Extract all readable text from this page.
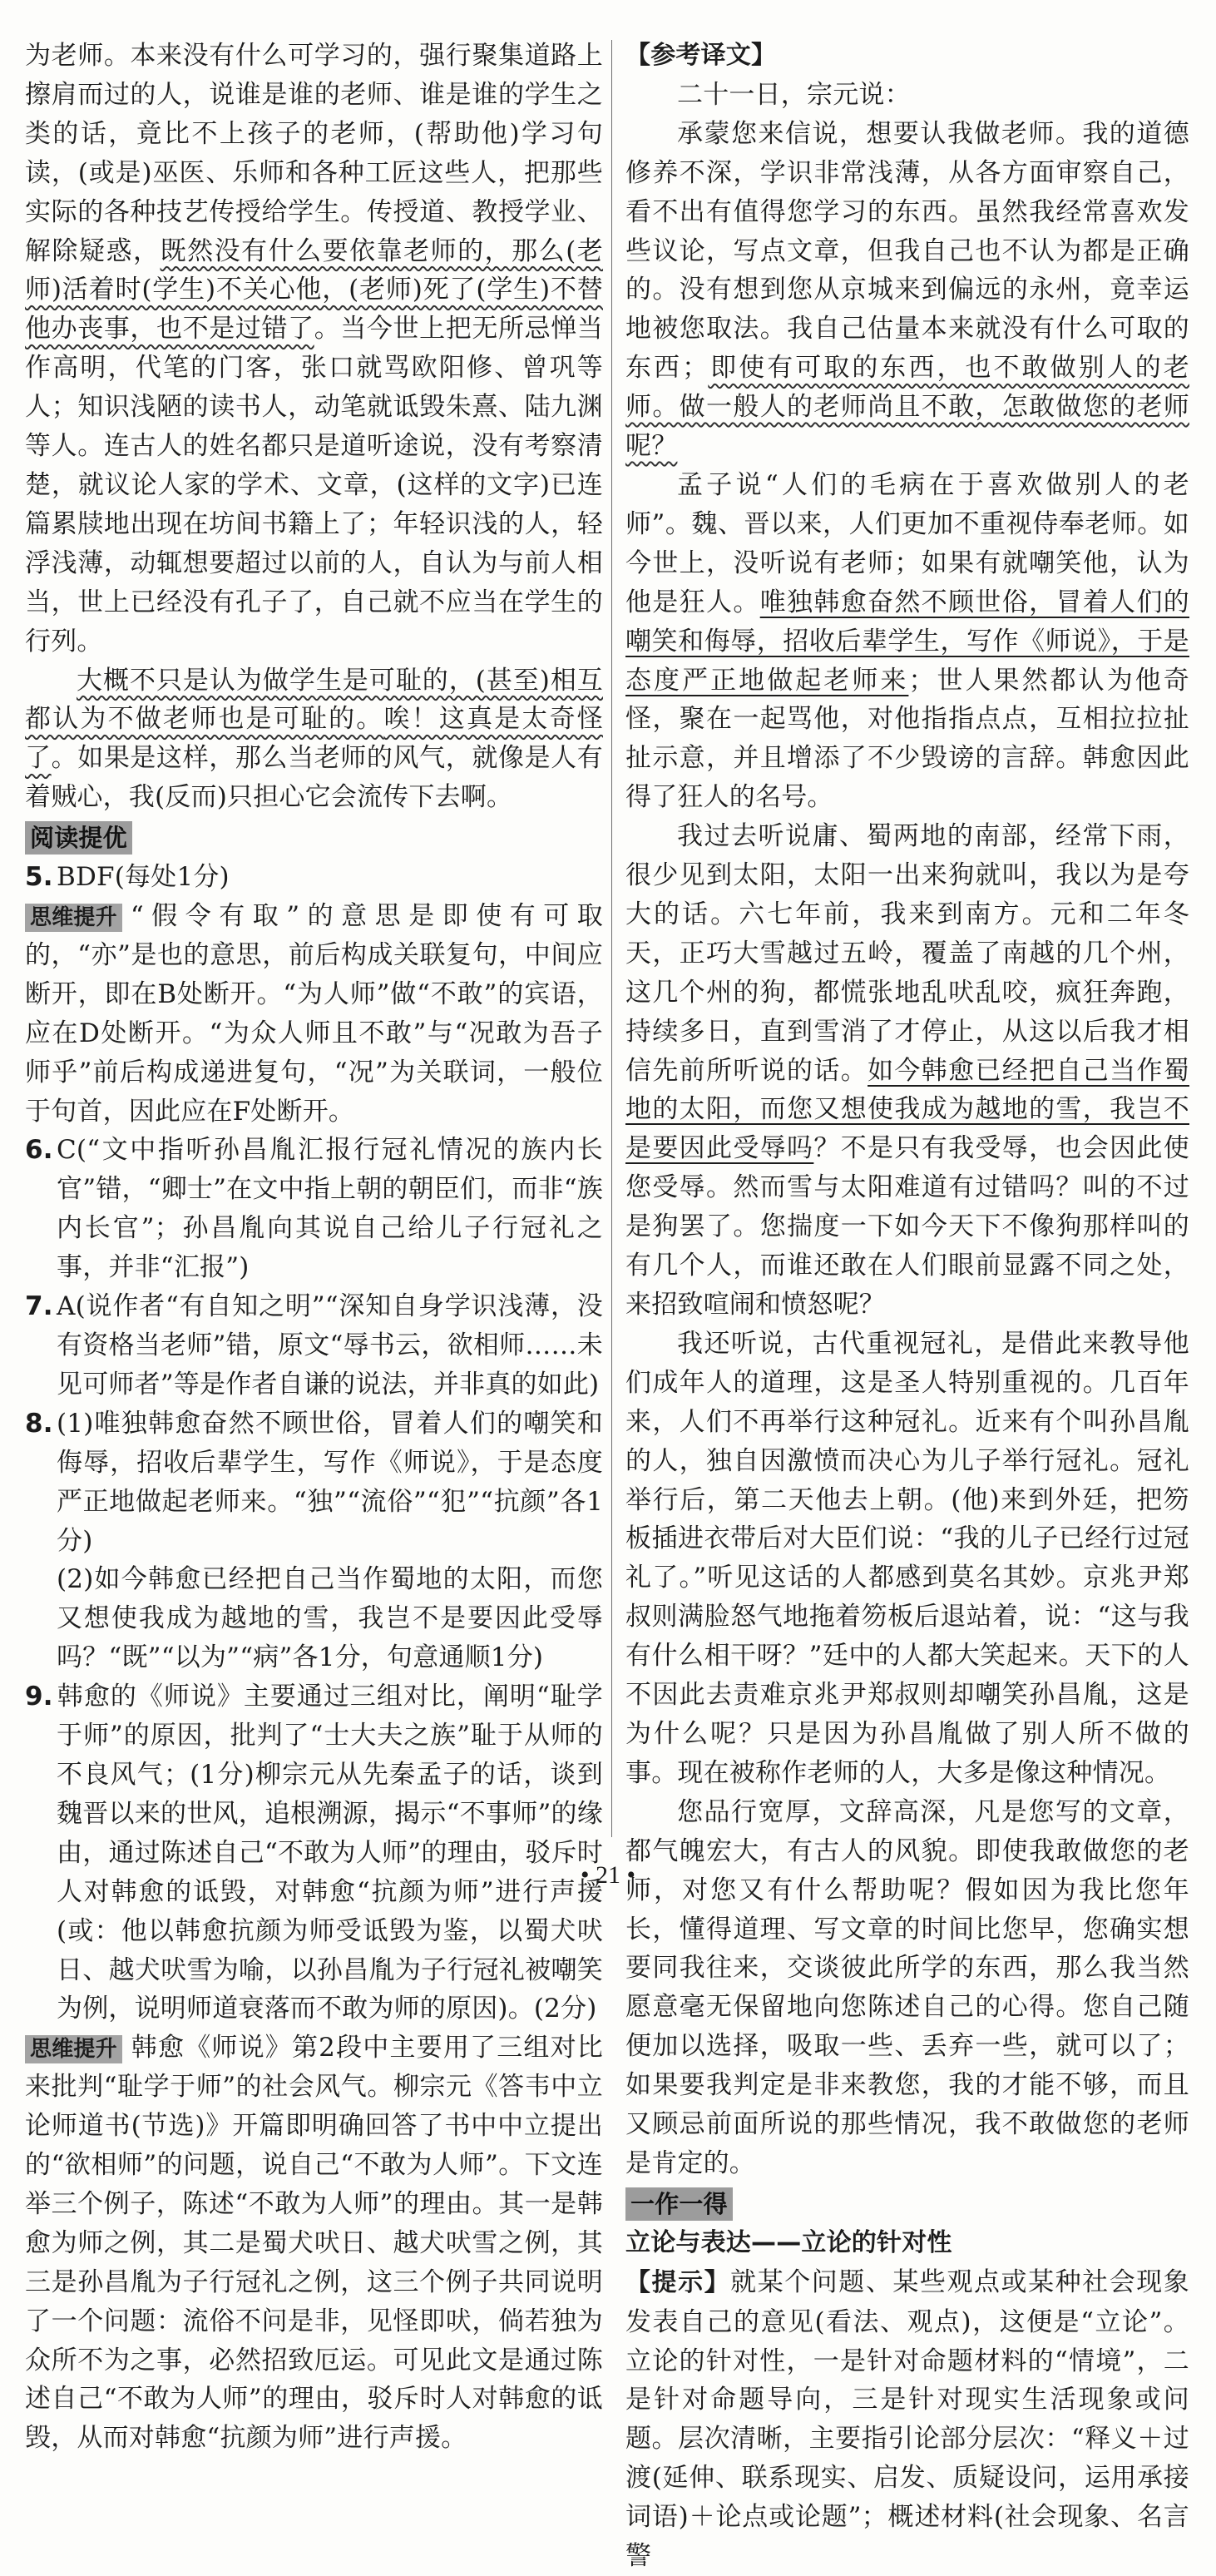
为老师。本来没有什么可学习的，强行聚集道路上擦肩而过的人，说谁是谁的老师、谁是谁的学生之类的话，竟比不上孩子的老师，(帮助他)学习句读，(或是)巫医、乐师和各种工匠这些人，把那些实际的各种技艺传授给学生。传授道、教授学业、解除疑惑，既然没有什么要依靠老师的，那么(老师)活着时(学生)不关心他，(老师)死了(学生)不替他办丧事，也不是过错了。当今世上把无所忌惮当作高明，代笔的门客，张口就骂欧阳修、曾巩等人；知识浅陋的读书人，动笔就诋毁朱熹、陆九渊等人。连古人的姓名都只是道听途说，没有考察清楚，就议论人家的学术、文章，(这样的文字)已连篇累牍地出现在坊间书籍上了；年轻识浅的人，轻浮浅薄，动辄想要超过以前的人，自认为与前人相当，世上已经没有孔子了，自己就不应当在学生的行列。

大概不只是认为做学生是可耻的，(甚至)相互都认为不做老师也是可耻的。唉！这真是太奇怪了。如果是这样，那么当老师的风气，就像是人有着贼心，我(反而)只担心它会流传下去啊。

阅读提优

5. BDF(每处1分)

思维提升 “假令有取”的意思是即使有可取的，“亦”是也的意思，前后构成关联复句，中间应断开，即在B处断开。“为人师”做“不敢”的宾语，应在D处断开。“为众人师且不敢”与“况敢为吾子师乎”前后构成递进复句，“况”为关联词，一般位于句首，因此应在F处断开。

6. C(“文中指听孙昌胤汇报行冠礼情况的族内长官”错，“卿士”在文中指上朝的朝臣们，而非“族内长官”；孙昌胤向其说自己给儿子行冠礼之事，并非“汇报”)

7. A(说作者“有自知之明”“深知自身学识浅薄，没有资格当老师”错，原文“辱书云，欲相师……未见可师者”等是作者自谦的说法，并非真的如此)

8. (1)唯独韩愈奋然不顾世俗，冒着人们的嘲笑和侮辱，招收后辈学生，写作《师说》，于是态度严正地做起老师来。“独”“流俗”“犯”“抗颜”各1分)

(2)如今韩愈已经把自己当作蜀地的太阳，而您又想使我成为越地的雪，我岂不是要因此受辱吗？“既”“以为”“病”各1分，句意通顺1分)

9. 韩愈的《师说》主要通过三组对比，阐明“耻学于师”的原因，批判了“士大夫之族”耻于从师的不良风气；(1分)柳宗元从先秦孟子的话，谈到魏晋以来的世风，追根溯源，揭示“不事师”的缘由，通过陈述自己“不敢为人师”的理由，驳斥时人对韩愈的诋毁，对韩愈“抗颜为师”进行声援(或：他以韩愈抗颜为师受诋毁为鉴，以蜀犬吠日、越犬吠雪为喻，以孙昌胤为子行冠礼被嘲笑为例，说明师道衰落而不敢为师的原因)。(2分)

思维提升 韩愈《师说》第2段中主要用了三组对比来批判“耻学于师”的社会风气。柳宗元《答韦中立论师道书(节选)》开篇即明确回答了书中中立提出的“欲相师”的问题，说自己“不敢为人师”。下文连举三个例子，陈述“不敢为人师”的理由。其一是韩愈为师之例，其二是蜀犬吠日、越犬吠雪之例，其三是孙昌胤为子行冠礼之例，这三个例子共同说明了一个问题：流俗不问是非，见怪即吠，倘若独为众所不为之事，必然招致厄运。可见此文是通过陈述自己“不敢为人师”的理由，驳斥时人对韩愈的诋毁，从而对韩愈“抗颜为师”进行声援。

【参考译文】

二十一日，宗元说：

承蒙您来信说，想要认我做老师。我的道德修养不深，学识非常浅薄，从各方面审察自己，看不出有值得您学习的东西。虽然我经常喜欢发些议论，写点文章，但我自己也不认为都是正确的。没有想到您从京城来到偏远的永州，竟幸运地被您取法。我自己估量本来就没有什么可取的东西；即使有可取的东西，也不敢做别人的老师。做一般人的老师尚且不敢，怎敢做您的老师呢？

孟子说“人们的毛病在于喜欢做别人的老师”。魏、晋以来，人们更加不重视侍奉老师。如今世上，没听说有老师；如果有就嘲笑他，认为他是狂人。唯独韩愈奋然不顾世俗，冒着人们的嘲笑和侮辱，招收后辈学生，写作《师说》，于是态度严正地做起老师来；世人果然都认为他奇怪，聚在一起骂他，对他指指点点，互相拉拉扯扯示意，并且增添了不少毁谤的言辞。韩愈因此得了狂人的名号。

我过去听说庸、蜀两地的南部，经常下雨，很少见到太阳，太阳一出来狗就叫，我以为是夸大的话。六七年前，我来到南方。元和二年冬天，正巧大雪越过五岭，覆盖了南越的几个州，这几个州的狗，都慌张地乱吠乱咬，疯狂奔跑，持续多日，直到雪消了才停止，从这以后我才相信先前所听说的话。如今韩愈已经把自己当作蜀地的太阳，而您又想使我成为越地的雪，我岂不是要因此受辱吗？不是只有我受辱，也会因此使您受辱。然而雪与太阳难道有过错吗？叫的不过是狗罢了。您揣度一下如今天下不像狗那样叫的有几个人，而谁还敢在人们眼前显露不同之处，来招致喧闹和愤怒呢？

我还听说，古代重视冠礼，是借此来教导他们成年人的道理，这是圣人特别重视的。几百年来，人们不再举行这种冠礼。近来有个叫孙昌胤的人，独自因激愤而决心为儿子举行冠礼。冠礼举行后，第二天他去上朝。(他)来到外廷，把笏板插进衣带后对大臣们说：“我的儿子已经行过冠礼了。”听见这话的人都感到莫名其妙。京兆尹郑叔则满脸怒气地拖着笏板后退站着，说：“这与我有什么相干呀？”廷中的人都大笑起来。天下的人不因此去责难京兆尹郑叔则却嘲笑孙昌胤，这是为什么呢？只是因为孙昌胤做了别人所不做的事。现在被称作老师的人，大多是像这种情况。

您品行宽厚，文辞高深，凡是您写的文章，都气魄宏大，有古人的风貌。即使我敢做您的老师，对您又有什么帮助呢？假如因为我比您年长，懂得道理、写文章的时间比您早，您确实想要同我往来，交谈彼此所学的东西，那么我当然愿意毫无保留地向您陈述自己的心得。您自己随便加以选择，吸取一些、丢弃一些，就可以了；如果要我判定是非来教您，我的才能不够，而且又顾忌前面所说的那些情况，我不敢做您的老师是肯定的。

一作一得

立论与表达——立论的针对性

【提示】就某个问题、某些观点或某种社会现象发表自己的意见(看法、观点)，这便是“立论”。立论的针对性，一是针对命题材料的“情境”，二是针对命题导向，三是针对现实生活现象或问题。层次清晰，主要指引论部分层次：“释义＋过渡(延伸、联系现实、启发、质疑设问，运用承接词语)＋论点或论题”；概述材料(社会现象、名言警

• 21 •
